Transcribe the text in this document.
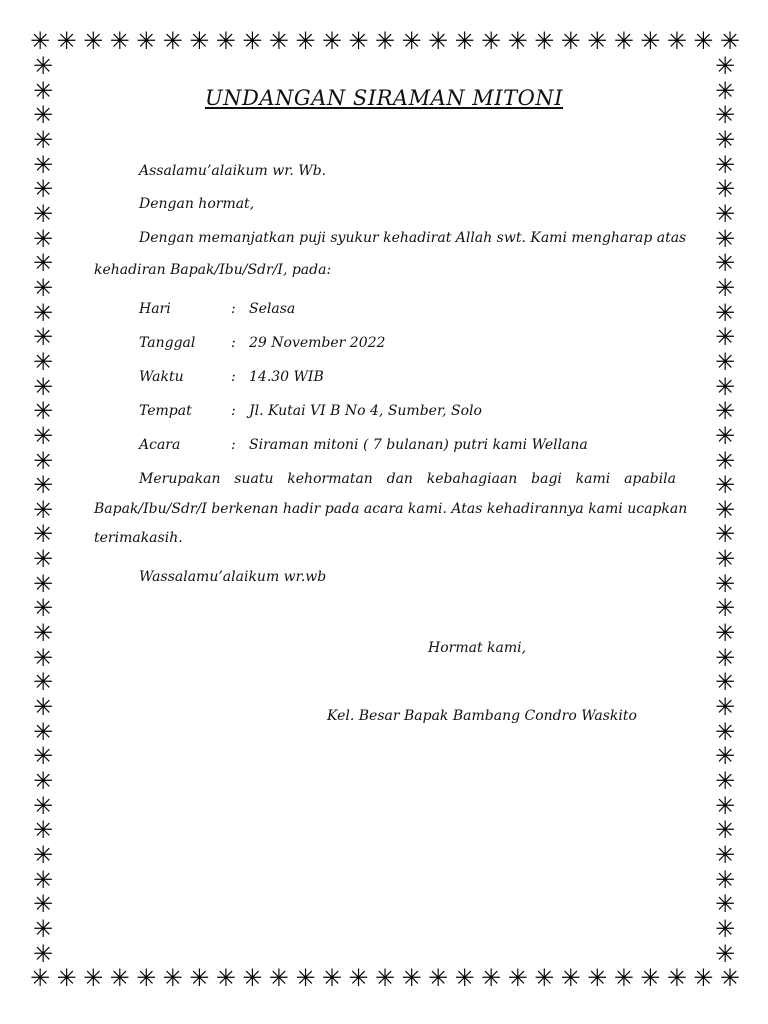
✳ ✳ ✳ ✳ ✳ ✳ ✳ ✳ ✳ ✳ ✳ ✳ ✳ ✳ ✳ ✳ ✳ ✳ ✳ ✳ ✳ ✳ ✳ ✳ ✳ ✳ ✳
✳ ✳ ✳ ✳ ✳ ✳ ✳ ✳ ✳ ✳ ✳ ✳ ✳ ✳ ✳ ✳ ✳ ✳ ✳ ✳ ✳ ✳ ✳ ✳ ✳ ✳ ✳
✳
✳
✳
✳
✳
✳
✳
✳
✳
✳
✳
✳
✳
✳
✳
✳
✳
✳
✳
✳
✳
✳
✳
✳
✳
✳
✳
✳
✳
✳
✳
✳
✳
✳
✳
✳
✳
✳
✳
✳
✳
✳
✳
✳
✳
✳
✳
✳
✳
✳
✳
✳
✳
✳
✳
✳
✳
✳
✳
✳
✳
✳
✳
✳
✳
✳
✳
✳
✳
✳
✳
✳
✳
✳
UNDANGAN SIRAMAN MITONI

Assalamu’alaikum wr. Wb.

Dengan hormat,

Dengan memanjatkan puji syukur kehadirat Allah swt. Kami mengharap atas

kehadiran Bapak/Ibu/Sdr/I, pada:

Hari	: Selasa
Tanggal	: 29 November 2022
Waktu	: 14.30 WIB
Tempat	: Jl. Kutai VI B No 4, Sumber, Solo
Acara	: Siraman mitoni ( 7 bulanan) putri kami Wellana

Merupakan suatu kehormatan dan kebahagiaan bagi kami apabila

Bapak/Ibu/Sdr/I berkenan hadir pada acara kami. Atas kehadirannya kami ucapkan

terimakasih.

Wassalamu’alaikum wr.wb

Hormat kami,

Kel. Besar Bapak Bambang Condro Waskito
